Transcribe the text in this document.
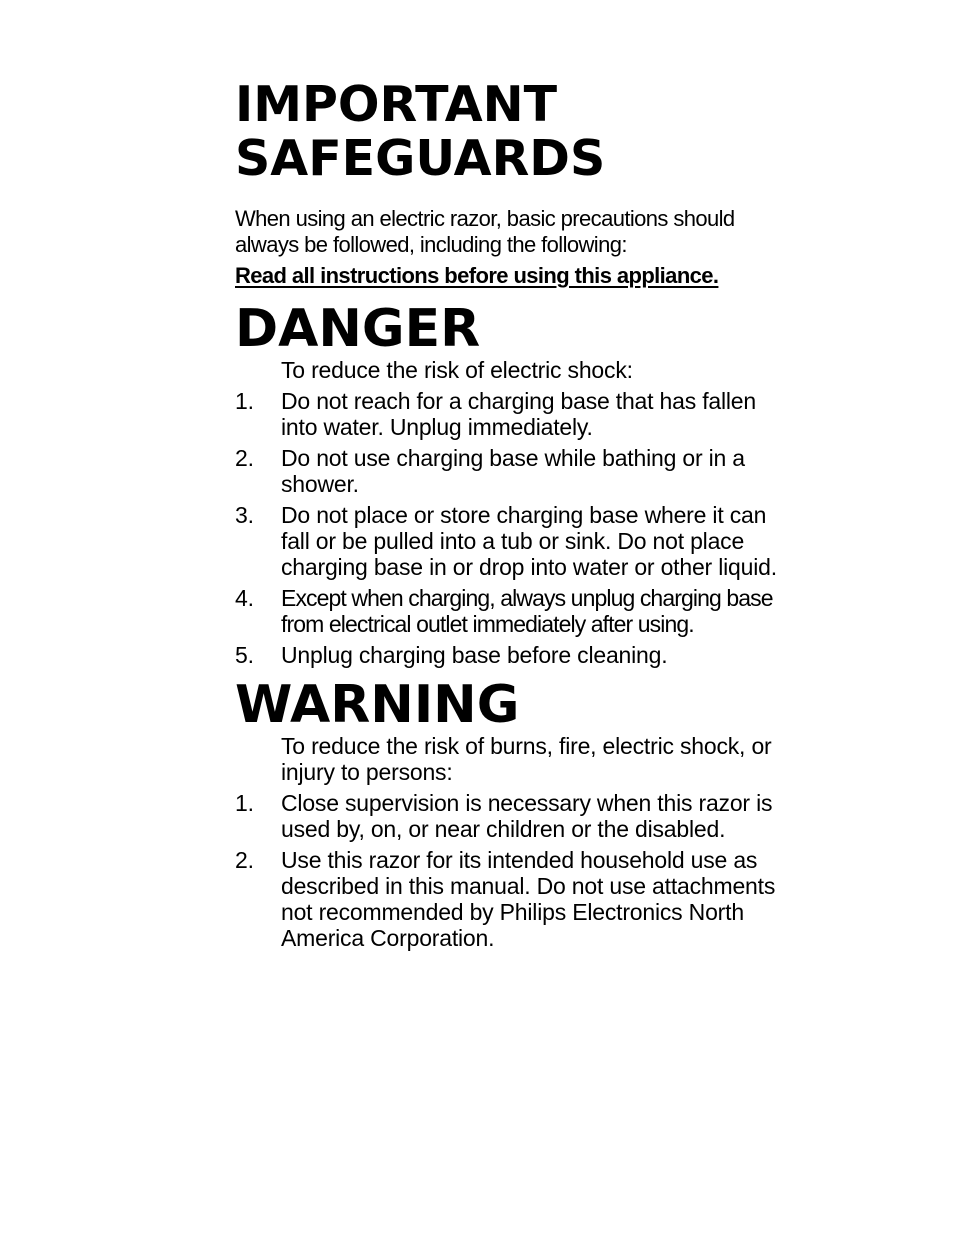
IMPORTANT
SAFEGUARDS

When using an electric razor, basic precautions should always be followed, including the following:

Read all instructions before using this appliance.

DANGER

To reduce the risk of electric shock:

1.	Do not reach for a charging base that has fallen into water. Unplug immediately.
2.	Do not use charging base while bathing or in a shower.
3.	Do not place or store charging base where it can fall or be pulled into a tub or sink. Do not place charging base in or drop into water or other liquid.
4.	Except when charging, always unplug charging base from electrical outlet immediately after using.
5.	Unplug charging base before cleaning.
WARNING

To reduce the risk of burns, fire, electric shock, or injury to persons:

1.	Close supervision is necessary when this razor is used by, on, or near children or the disabled.
2.	Use this razor for its intended household use as described in this manual. Do not use attachments not recommended by Philips Electronics North America Corporation.
